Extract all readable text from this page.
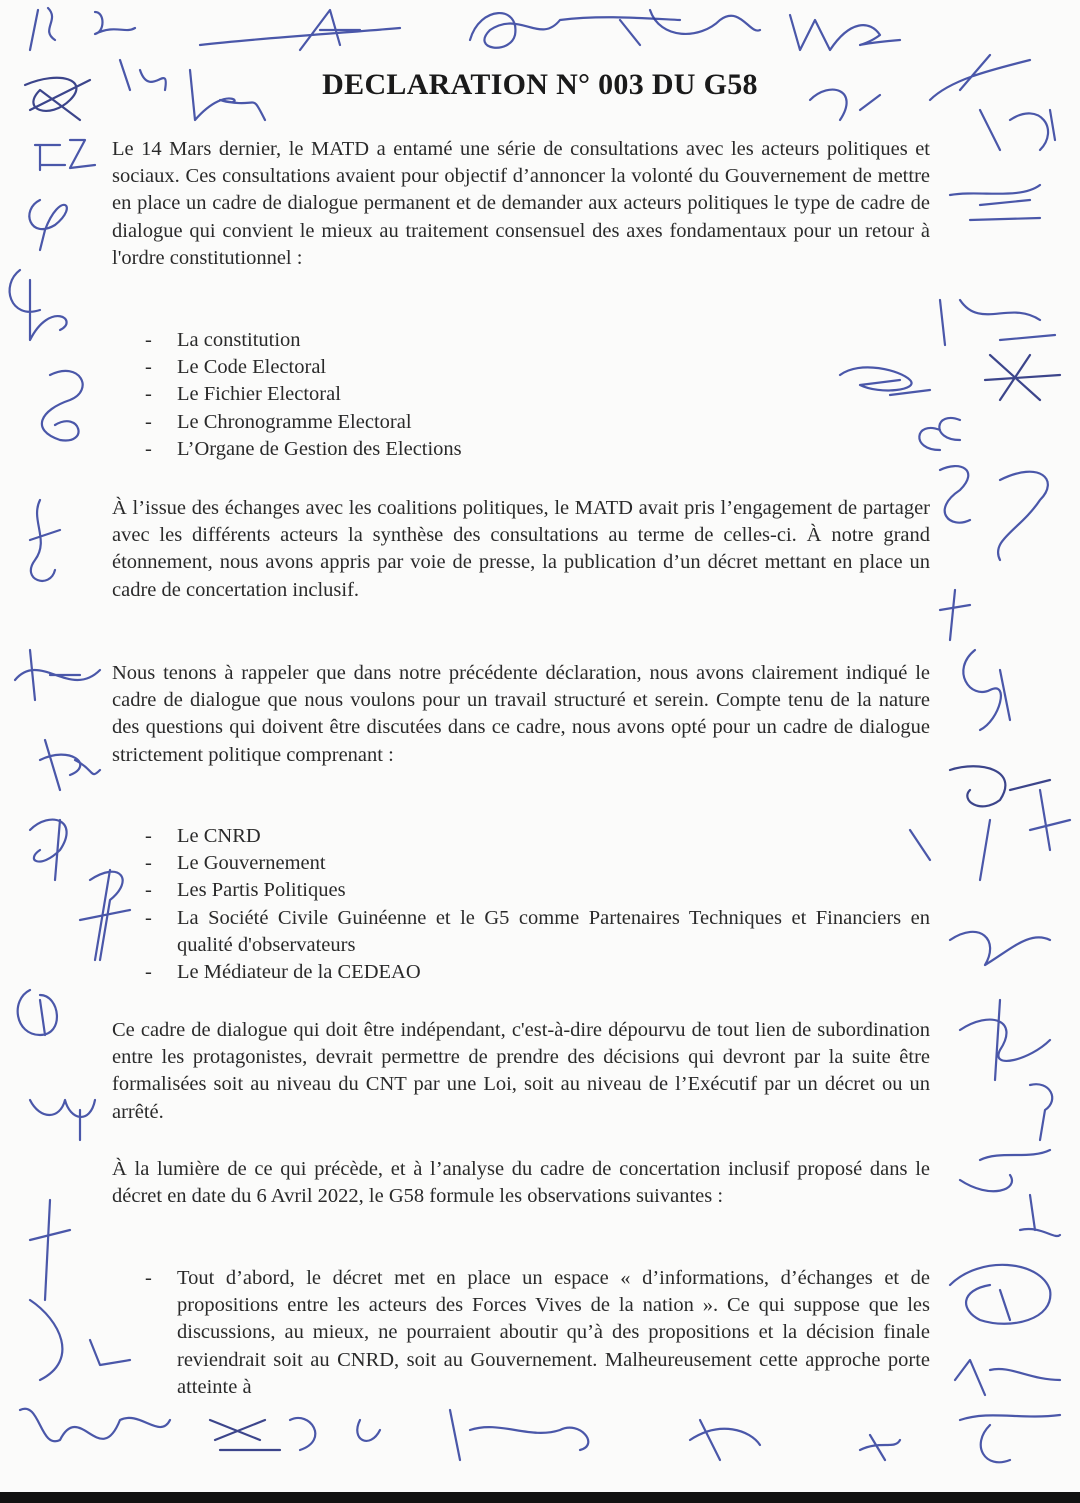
DECLARATION N° 003 DU G58

Le 14 Mars dernier, le MATD a entamé une série de consultations avec les acteurs politiques et sociaux. Ces consultations avaient pour objectif d’annoncer la volonté du Gouvernement de mettre en place un cadre de dialogue permanent et de demander aux acteurs politiques le type de cadre de dialogue qui convient le mieux au traitement consensuel des axes fondamentaux pour un retour à l'ordre constitutionnel :

- La constitution
- Le Code Electoral
- Le Fichier Electoral
- Le Chronogramme Electoral
- L’Organe de Gestion des Elections

À l’issue des échanges avec les coalitions politiques, le MATD avait pris l’engagement de partager avec les différents acteurs la synthèse des consultations au terme de celles-ci. À notre grand étonnement, nous avons appris par voie de presse, la publication d’un décret mettant en place un cadre de concertation inclusif.

Nous tenons à rappeler que dans notre précédente déclaration, nous avons clairement indiqué le cadre de dialogue que nous voulons pour un travail structuré et serein. Compte tenu de la nature des questions qui doivent être discutées dans ce cadre, nous avons opté pour un cadre de dialogue strictement politique comprenant :

- Le CNRD
- Le Gouvernement
- Les Partis Politiques
- La Société Civile Guinéenne et le G5 comme Partenaires Techniques et Financiers en qualité d'observateurs
- Le Médiateur de la CEDEAO

Ce cadre de dialogue qui doit être indépendant, c'est-à-dire dépourvu de tout lien de subordination entre les protagonistes, devrait permettre de prendre des décisions qui devront par la suite être formalisées soit au niveau du CNT par une Loi, soit au niveau de l’Exécutif par un décret ou un arrêté.

À la lumière de ce qui précède, et à l’analyse du cadre de concertation inclusif proposé dans le décret en date du 6 Avril 2022, le G58 formule les observations suivantes :

- Tout d’abord, le décret met en place un espace « d’informations, d’échanges et de propositions entre les acteurs des Forces Vives de la nation ». Ce qui suppose que les discussions, au mieux, ne pourraient aboutir qu’à des propositions et la décision finale reviendrait soit au CNRD, soit au Gouvernement. Malheureusement cette approche porte atteinte à
